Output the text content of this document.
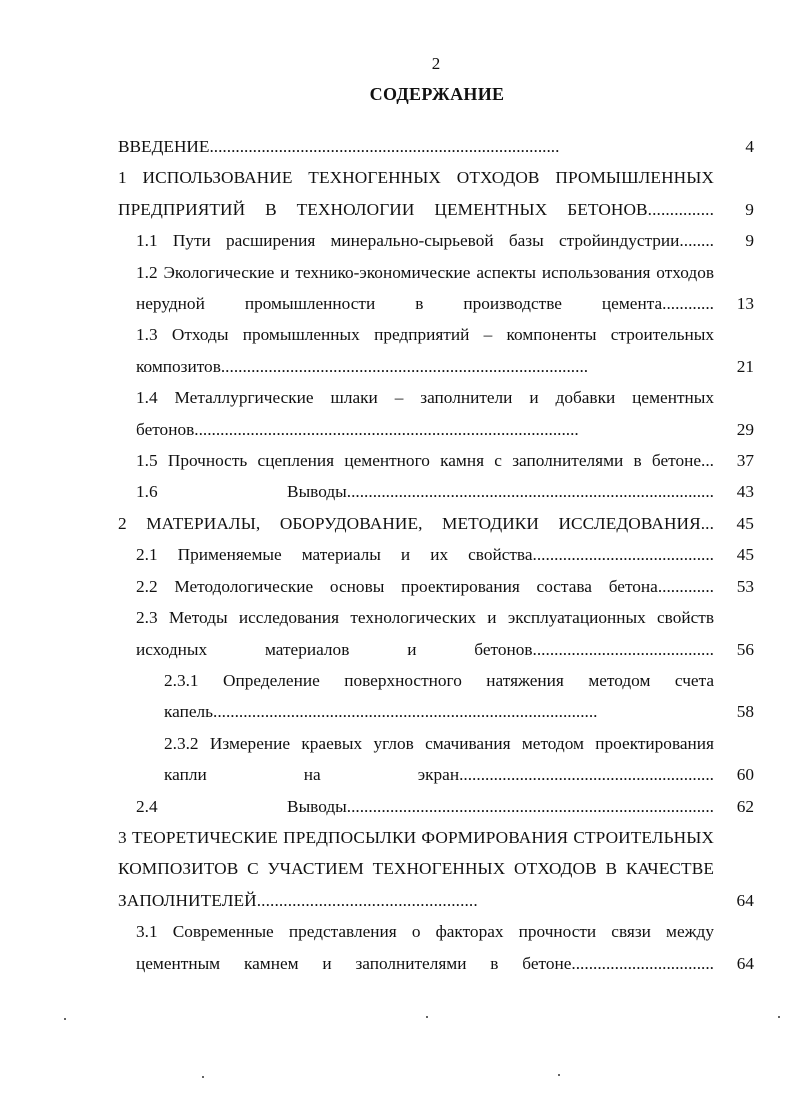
2
СОДЕРЖАНИЕ
ВВЕДЕНИЕ.................................................................................	4
1 ИСПОЛЬЗОВАНИЕ ТЕХНОГЕННЫХ ОТХОДОВ ПРОМЫШЛЕННЫХ ПРЕДПРИЯТИЙ В ТЕХНОЛОГИИ ЦЕМЕНТНЫХ БЕТОНОВ...............	9
1.1 Пути расширения минерально-сырьевой базы стройиндустрии........	9
1.2 Экологические и технико-экономические аспекты использования отходов нерудной промышленности в производстве цемента............	13
1.3 Отходы промышленных предприятий – компоненты строительных композитов.....................................................................................	21
1.4 Металлургические шлаки – заполнители и добавки цементных бетонов.........................................................................................	29
1.5 Прочность сцепления цементного камня с заполнителями в бетоне...	37
1.6 Выводы.....................................................................................	43
2 МАТЕРИАЛЫ, ОБОРУДОВАНИЕ, МЕТОДИКИ ИССЛЕДОВАНИЯ...	45
2.1 Применяемые материалы и их свойства..........................................	45
2.2 Методологические основы проектирования состава бетона.............	53
2.3 Методы исследования технологических и эксплуатационных свойств исходных материалов и бетонов..........................................	56
2.3.1 Определение поверхностного натяжения методом счета капель.........................................................................................	58
2.3.2 Измерение краевых углов смачивания методом проектирования капли на экран...........................................................	60
2.4 Выводы.....................................................................................	62
3 ТЕОРЕТИЧЕСКИЕ ПРЕДПОСЫЛКИ ФОРМИРОВАНИЯ СТРОИТЕЛЬНЫХ КОМПОЗИТОВ С УЧАСТИЕМ ТЕХНОГЕННЫХ ОТХОДОВ В КАЧЕСТВЕ ЗАПОЛНИТЕЛЕЙ..................................................	64
3.1 Современные представления о факторах прочности связи между цементным камнем и заполнителями в бетоне.................................	64
